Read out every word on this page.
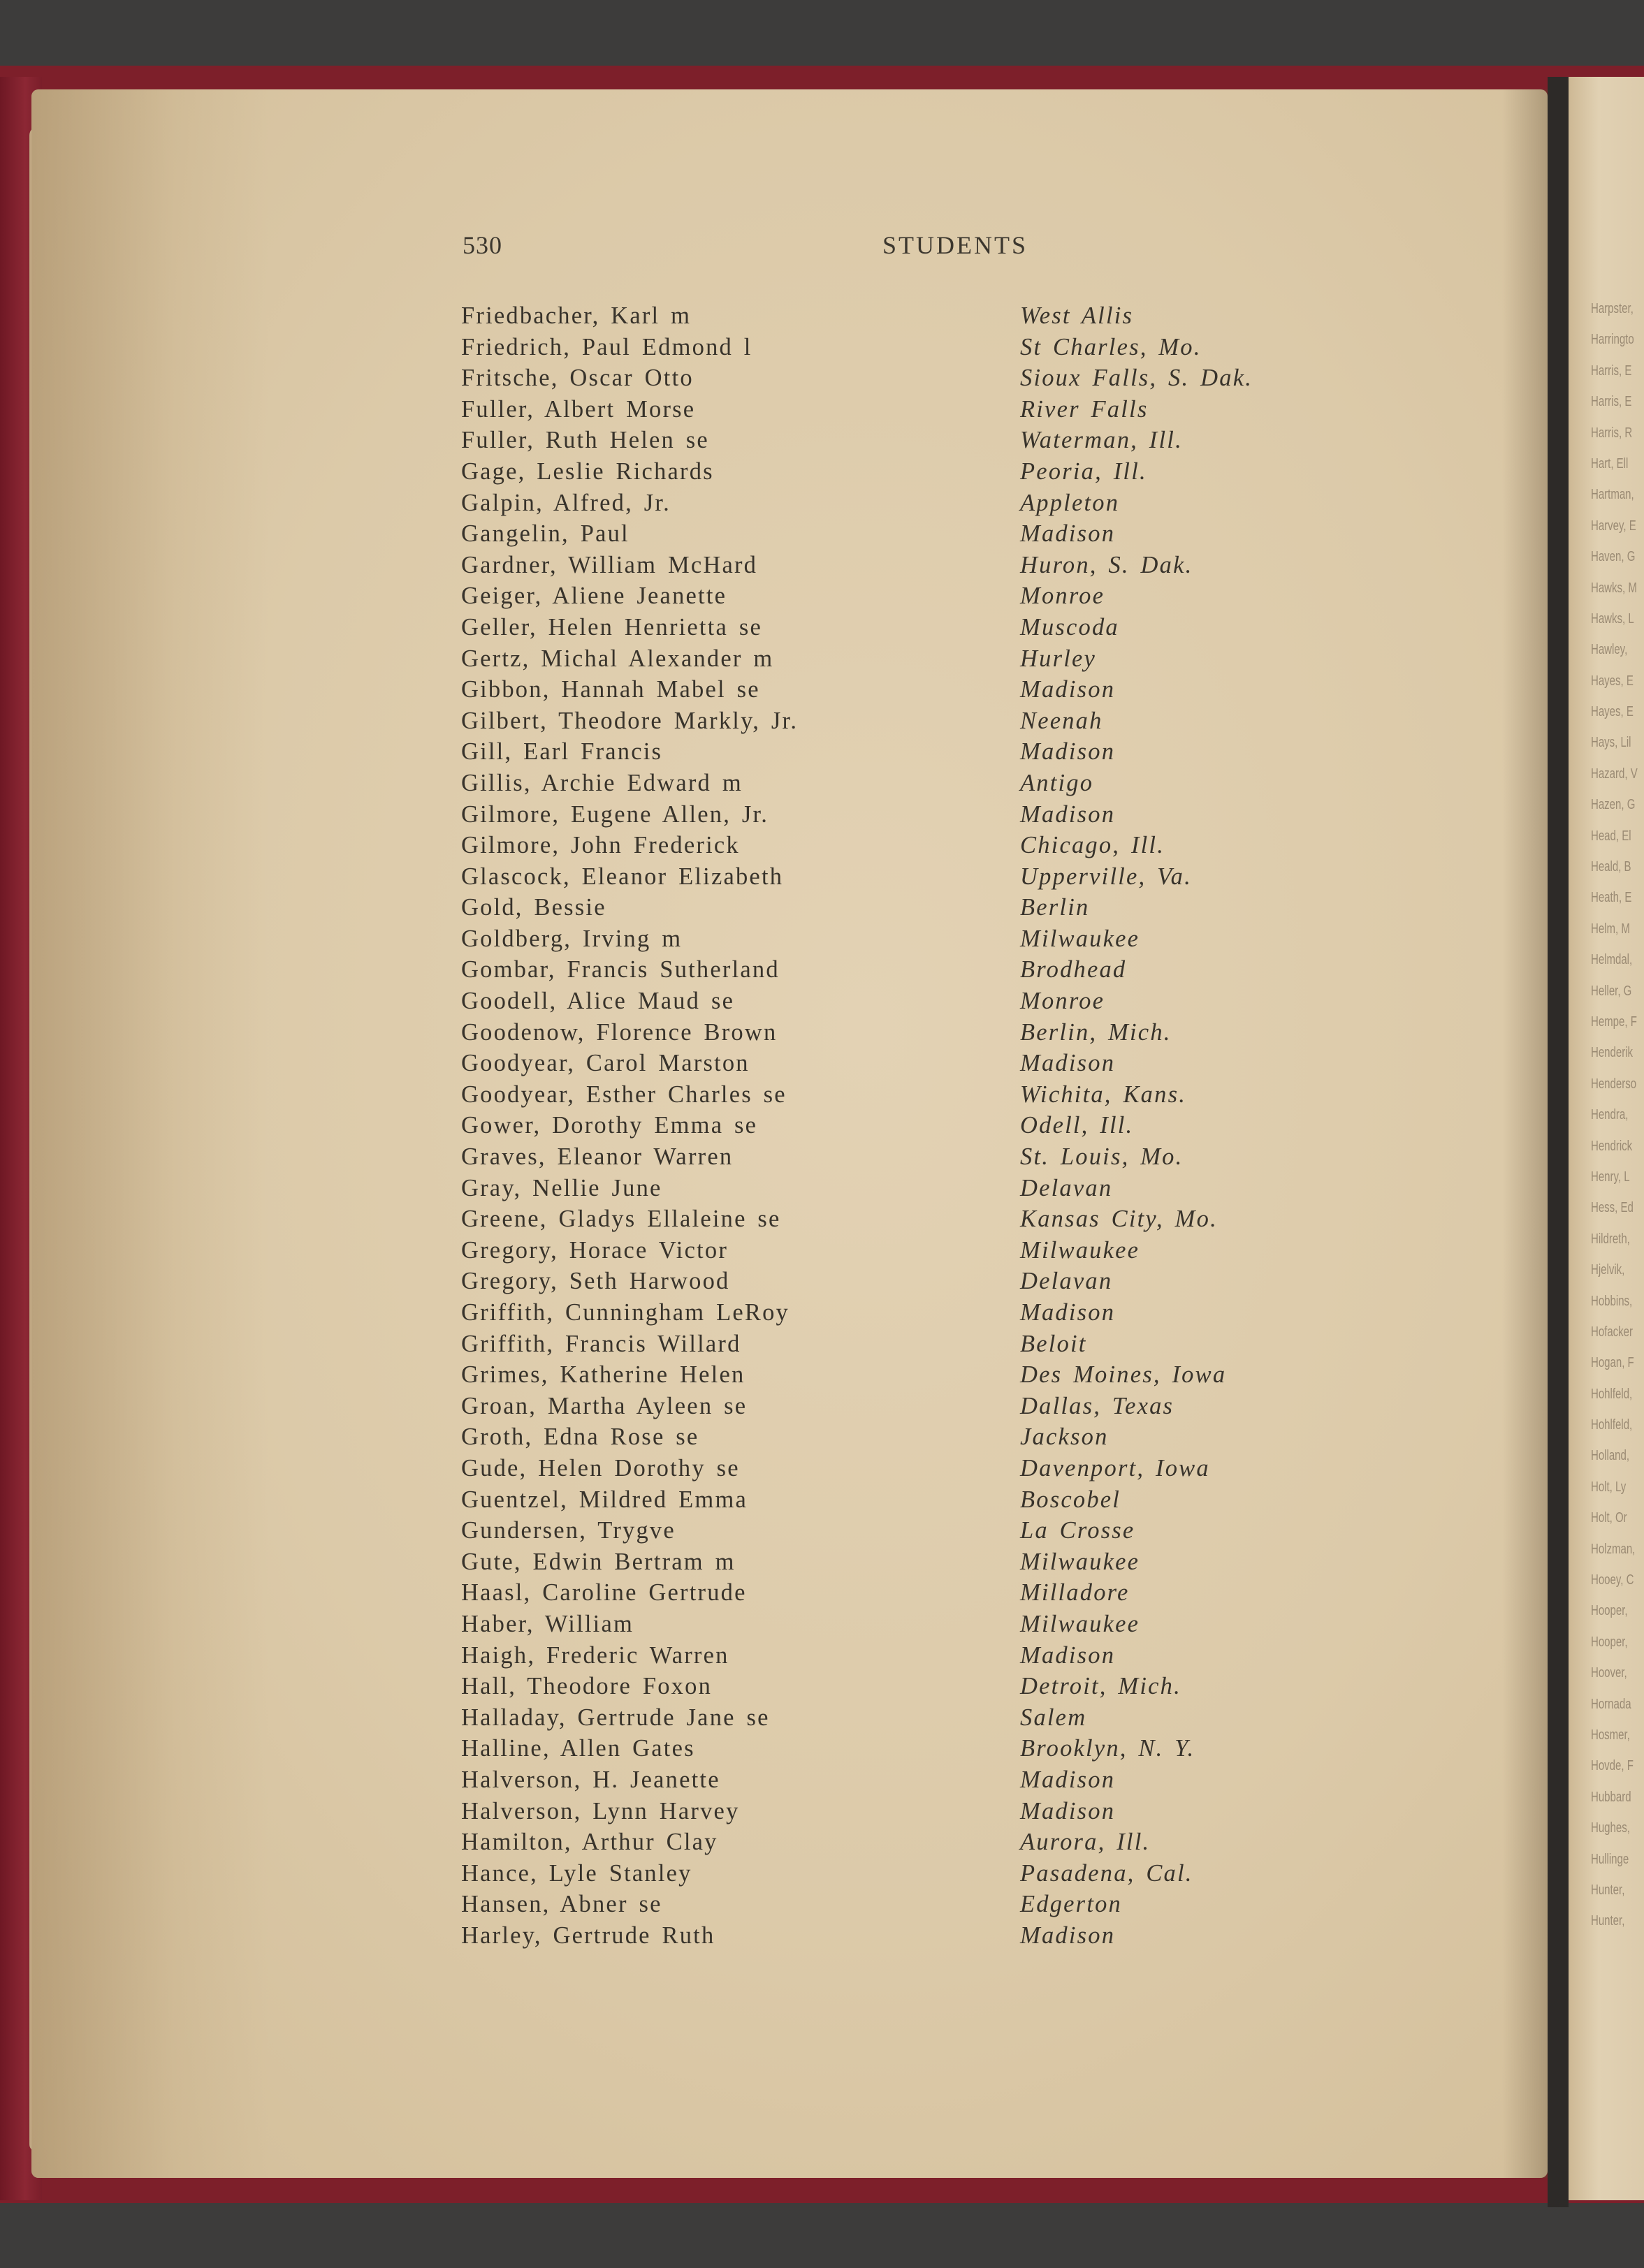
Harpster,
Harringto
Harris, E
Harris, E
Harris, R
Hart, Ell
Hartman,
Harvey, E
Haven, G
Hawks, M
Hawks, L
Hawley,
Hayes, E
Hayes, E
Hays, Lil
Hazard, V
Hazen, G
Head, El
Heald, B
Heath, E
Helm, M
Helmdal,
Heller, G
Hempe, F
Henderik
Henderso
Hendra,
Hendrick
Henry, L
Hess, Ed
Hildreth,
Hjelvik,
Hobbins,
Hofacker
Hogan, F
Hohlfeld,
Hohlfeld,
Holland,
Holt, Ly
Holt, Or
Holzman,
Hooey, C
Hooper,
Hooper,
Hoover,
Hornada
Hosmer,
Hovde, F
Hubbard
Hughes,
Hullinge
Hunter,
Hunter,
530	STUDENTS
Friedbacher, Karl m	West Allis
Friedrich, Paul Edmond l	St Charles, Mo.
Fritsche, Oscar Otto	Sioux Falls, S. Dak.
Fuller, Albert Morse	River Falls
Fuller, Ruth Helen se	Waterman, Ill.
Gage, Leslie Richards	Peoria, Ill.
Galpin, Alfred, Jr.	Appleton
Gangelin, Paul	Madison
Gardner, William McHard	Huron, S. Dak.
Geiger, Aliene Jeanette	Monroe
Geller, Helen Henrietta se	Muscoda
Gertz, Michal Alexander m	Hurley
Gibbon, Hannah Mabel se	Madison
Gilbert, Theodore Markly, Jr.	Neenah
Gill, Earl Francis	Madison
Gillis, Archie Edward m	Antigo
Gilmore, Eugene Allen, Jr.	Madison
Gilmore, John Frederick	Chicago, Ill.
Glascock, Eleanor Elizabeth	Upperville, Va.
Gold, Bessie	Berlin
Goldberg, Irving m	Milwaukee
Gombar, Francis Sutherland	Brodhead
Goodell, Alice Maud se	Monroe
Goodenow, Florence Brown	Berlin, Mich.
Goodyear, Carol Marston	Madison
Goodyear, Esther Charles se	Wichita, Kans.
Gower, Dorothy Emma se	Odell, Ill.
Graves, Eleanor Warren	St. Louis, Mo.
Gray, Nellie June	Delavan
Greene, Gladys Ellaleine se	Kansas City, Mo.
Gregory, Horace Victor	Milwaukee
Gregory, Seth Harwood	Delavan
Griffith, Cunningham LeRoy	Madison
Griffith, Francis Willard	Beloit
Grimes, Katherine Helen	Des Moines, Iowa
Groan, Martha Ayleen se	Dallas, Texas
Groth, Edna Rose se	Jackson
Gude, Helen Dorothy se	Davenport, Iowa
Guentzel, Mildred Emma	Boscobel
Gundersen, Trygve	La Crosse
Gute, Edwin Bertram m	Milwaukee
Haasl, Caroline Gertrude	Milladore
Haber, William	Milwaukee
Haigh, Frederic Warren	Madison
Hall, Theodore Foxon	Detroit, Mich.
Halladay, Gertrude Jane se	Salem
Halline, Allen Gates	Brooklyn, N. Y.
Halverson, H. Jeanette	Madison
Halverson, Lynn Harvey	Madison
Hamilton, Arthur Clay	Aurora, Ill.
Hance, Lyle Stanley	Pasadena, Cal.
Hansen, Abner se	Edgerton
Harley, Gertrude Ruth	Madison
